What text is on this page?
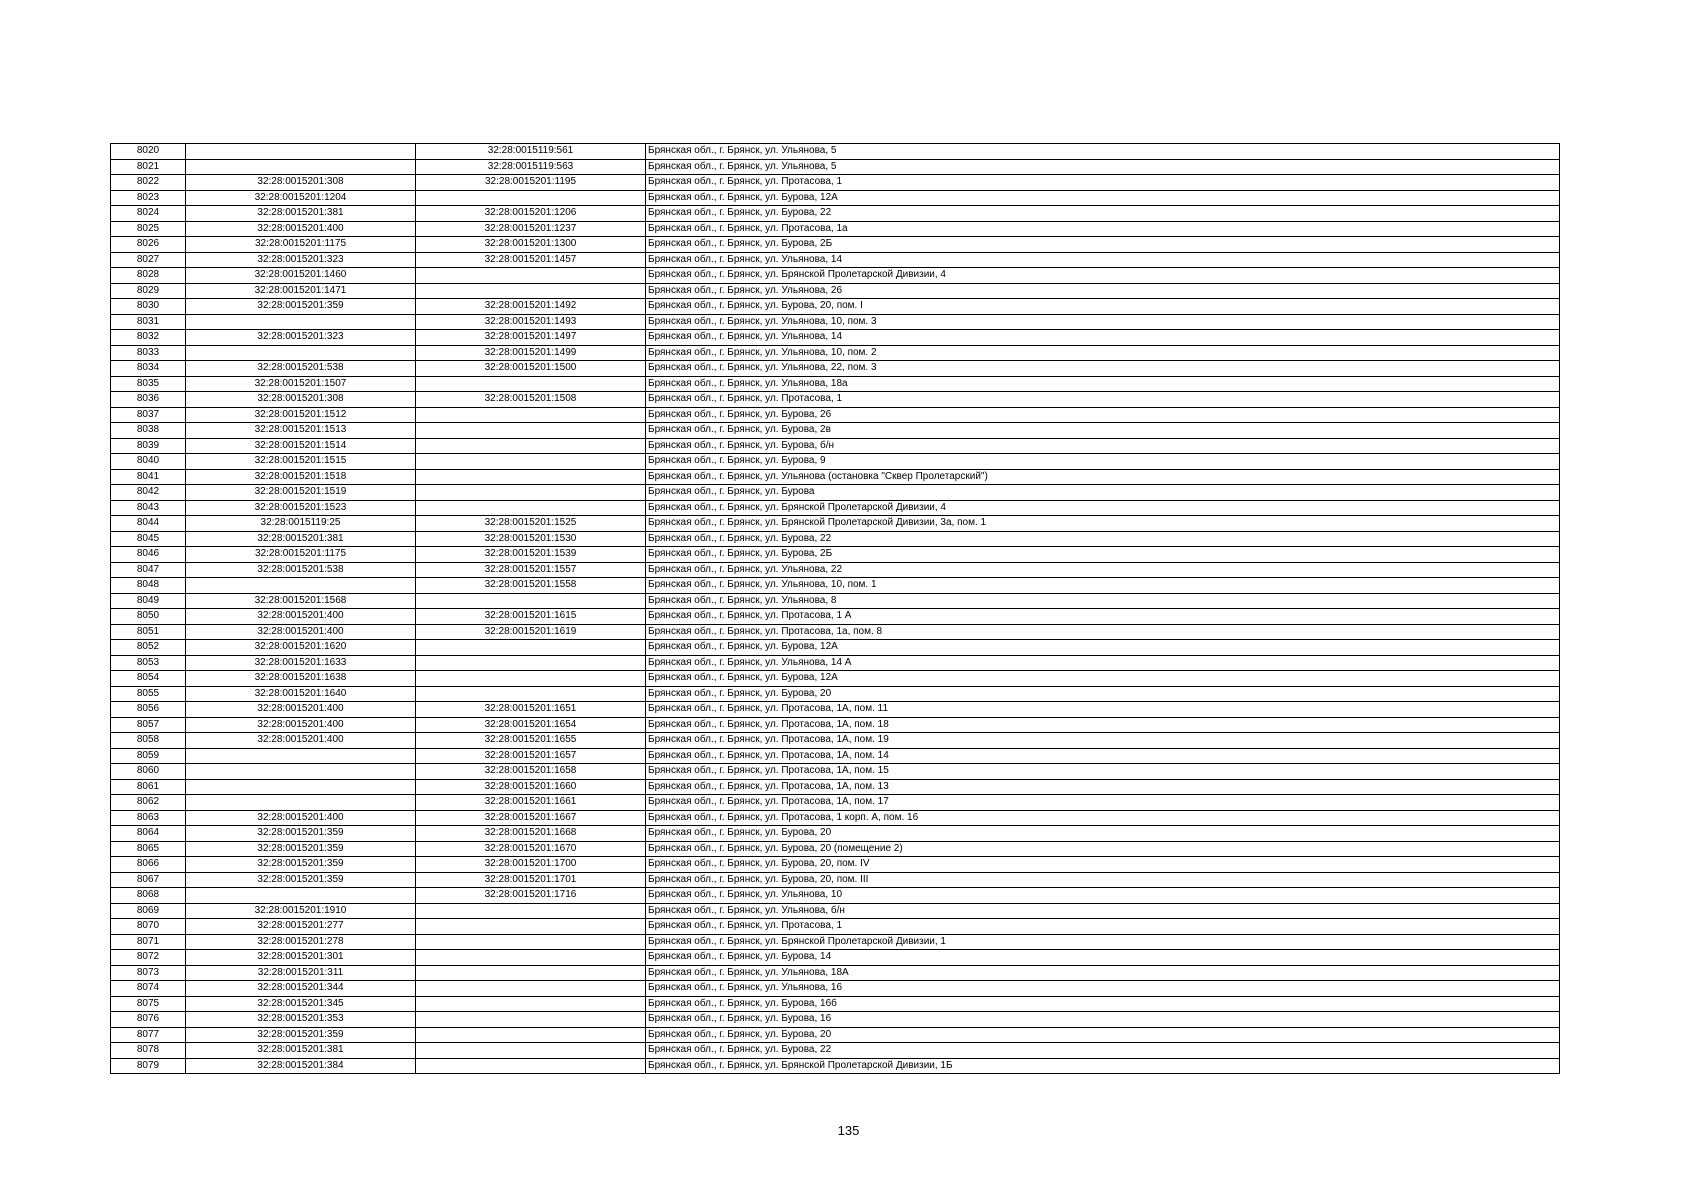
8020		32:28:0015119:561	Брянская обл., г. Брянск, ул. Ульянова, 5
8021		32:28:0015119:563	Брянская обл., г. Брянск, ул. Ульянова, 5
8022	32:28:0015201:308	32:28:0015201:1195	Брянская обл., г. Брянск, ул. Протасова, 1
8023	32:28:0015201:1204		Брянская обл., г. Брянск, ул. Бурова, 12А
8024	32:28:0015201:381	32:28:0015201:1206	Брянская обл., г. Брянск, ул. Бурова, 22
8025	32:28:0015201:400	32:28:0015201:1237	Брянская обл., г. Брянск, ул. Протасова, 1а
8026	32:28:0015201:1175	32:28:0015201:1300	Брянская обл., г. Брянск, ул. Бурова, 2Б
8027	32:28:0015201:323	32:28:0015201:1457	Брянская обл., г. Брянск, ул. Ульянова, 14
8028	32:28:0015201:1460		Брянская обл., г. Брянск, ул. Брянской Пролетарской Дивизии, 4
8029	32:28:0015201:1471		Брянская обл., г. Брянск, ул. Ульянова, 26
8030	32:28:0015201:359	32:28:0015201:1492	Брянская обл., г. Брянск, ул. Бурова, 20, пом. I
8031		32:28:0015201:1493	Брянская обл., г. Брянск, ул. Ульянова, 10, пом. 3
8032	32:28:0015201:323	32:28:0015201:1497	Брянская обл., г. Брянск, ул. Ульянова, 14
8033		32:28:0015201:1499	Брянская обл., г. Брянск, ул. Ульянова, 10, пом. 2
8034	32:28:0015201:538	32:28:0015201:1500	Брянская обл., г. Брянск, ул. Ульянова, 22, пом. 3
8035	32:28:0015201:1507		Брянская обл., г. Брянск, ул. Ульянова, 18а
8036	32:28:0015201:308	32:28:0015201:1508	Брянская обл., г. Брянск, ул. Протасова, 1
8037	32:28:0015201:1512		Брянская обл., г. Брянск, ул. Бурова, 26
8038	32:28:0015201:1513		Брянская обл., г. Брянск, ул. Бурова, 2в
8039	32:28:0015201:1514		Брянская обл., г. Брянск, ул. Бурова, б/н
8040	32:28:0015201:1515		Брянская обл., г. Брянск, ул. Бурова, 9
8041	32:28:0015201:1518		Брянская обл., г. Брянск, ул. Ульянова (остановка "Сквер Пролетарский")
8042	32:28:0015201:1519		Брянская обл., г. Брянск, ул. Бурова
8043	32:28:0015201:1523		Брянская обл., г. Брянск, ул. Брянской Пролетарской Дивизии, 4
8044	32:28:0015119:25	32:28:0015201:1525	Брянская обл., г. Брянск, ул. Брянской Пролетарской Дивизии, 3а, пом. 1
8045	32:28:0015201:381	32:28:0015201:1530	Брянская обл., г. Брянск, ул. Бурова, 22
8046	32:28:0015201:1175	32:28:0015201:1539	Брянская обл., г. Брянск, ул. Бурова, 2Б
8047	32:28:0015201:538	32:28:0015201:1557	Брянская обл., г. Брянск, ул. Ульянова, 22
8048		32:28:0015201:1558	Брянская обл., г. Брянск, ул. Ульянова, 10, пом. 1
8049	32:28:0015201:1568		Брянская обл., г. Брянск, ул. Ульянова, 8
8050	32:28:0015201:400	32:28:0015201:1615	Брянская обл., г. Брянск, ул. Протасова, 1 А
8051	32:28:0015201:400	32:28:0015201:1619	Брянская обл., г. Брянск, ул. Протасова, 1а, пом. 8
8052	32:28:0015201:1620		Брянская обл., г. Брянск, ул. Бурова, 12А
8053	32:28:0015201:1633		Брянская обл., г. Брянск, ул. Ульянова, 14 А
8054	32:28:0015201:1638		Брянская обл., г. Брянск, ул. Бурова, 12А
8055	32:28:0015201:1640		Брянская обл., г. Брянск, ул. Бурова, 20
8056	32:28:0015201:400	32:28:0015201:1651	Брянская обл., г. Брянск, ул. Протасова, 1А, пом. 11
8057	32:28:0015201:400	32:28:0015201:1654	Брянская обл., г. Брянск, ул. Протасова, 1А, пом. 18
8058	32:28:0015201:400	32:28:0015201:1655	Брянская обл., г. Брянск, ул. Протасова, 1А, пом. 19
8059		32:28:0015201:1657	Брянская обл., г. Брянск, ул. Протасова, 1А, пом. 14
8060		32:28:0015201:1658	Брянская обл., г. Брянск, ул. Протасова, 1А, пом. 15
8061		32:28:0015201:1660	Брянская обл., г. Брянск, ул. Протасова, 1А, пом. 13
8062		32:28:0015201:1661	Брянская обл., г. Брянск, ул. Протасова, 1А, пом. 17
8063	32:28:0015201:400	32:28:0015201:1667	Брянская обл., г. Брянск, ул. Протасова, 1 корп. А, пом. 16
8064	32:28:0015201:359	32:28:0015201:1668	Брянская обл., г. Брянск, ул. Бурова, 20
8065	32:28:0015201:359	32:28:0015201:1670	Брянская обл., г. Брянск, ул. Бурова, 20 (помещение 2)
8066	32:28:0015201:359	32:28:0015201:1700	Брянская обл., г. Брянск, ул. Бурова, 20, пом. IV
8067	32:28:0015201:359	32:28:0015201:1701	Брянская обл., г. Брянск, ул. Бурова, 20, пом. III
8068		32:28:0015201:1716	Брянская обл., г. Брянск, ул. Ульянова, 10
8069	32:28:0015201:1910		Брянская обл., г. Брянск, ул. Ульянова, б/н
8070	32:28:0015201:277		Брянская обл., г. Брянск, ул. Протасова, 1
8071	32:28:0015201:278		Брянская обл., г. Брянск, ул. Брянской Пролетарской Дивизии, 1
8072	32:28:0015201:301		Брянская обл., г. Брянск, ул. Бурова, 14
8073	32:28:0015201:311		Брянская обл., г. Брянск, ул. Ульянова, 18А
8074	32:28:0015201:344		Брянская обл., г. Брянск, ул. Ульянова, 16
8075	32:28:0015201:345		Брянская обл., г. Брянск, ул. Бурова, 16б
8076	32:28:0015201:353		Брянская обл., г. Брянск, ул. Бурова, 16
8077	32:28:0015201:359		Брянская обл., г. Брянск, ул. Бурова, 20
8078	32:28:0015201:381		Брянская обл., г. Брянск, ул. Бурова, 22
8079	32:28:0015201:384		Брянская обл., г. Брянск, ул. Брянской Пролетарской Дивизии, 1Б
135
